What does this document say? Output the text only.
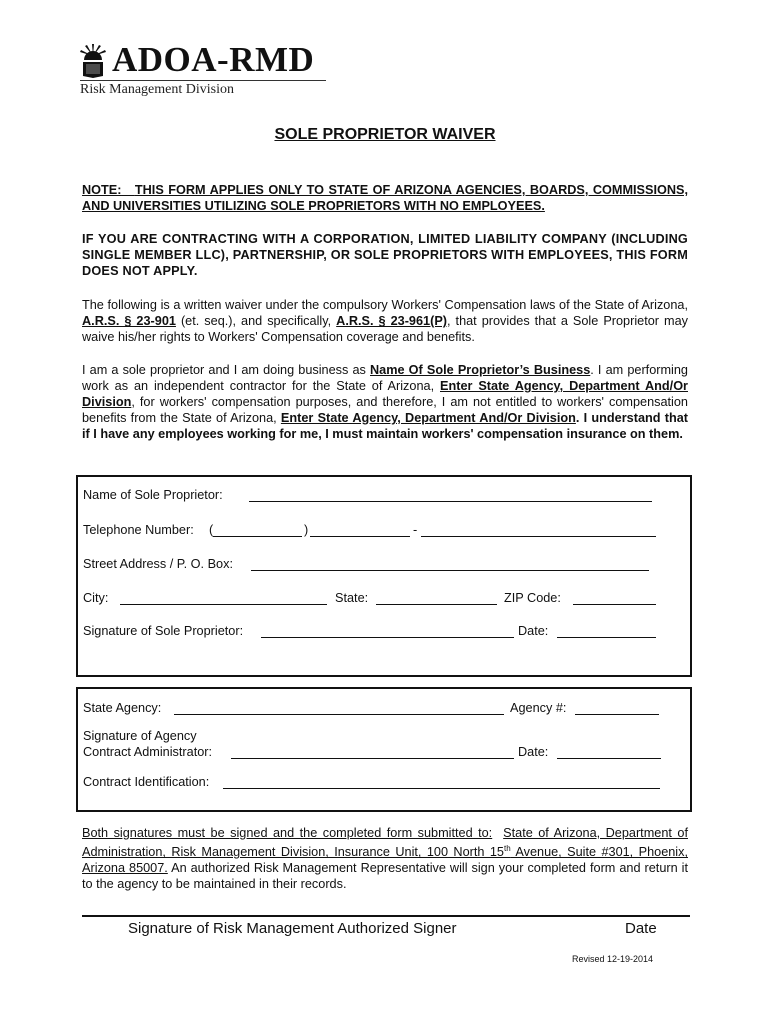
ADOA-RMD
Risk Management Division
SOLE PROPRIETOR WAIVER
NOTE: THIS FORM APPLIES ONLY TO STATE OF ARIZONA AGENCIES, BOARDS, COMMISSIONS, AND UNIVERSITIES UTILIZING SOLE PROPRIETORS WITH NO EMPLOYEES.
IF YOU ARE CONTRACTING WITH A CORPORATION, LIMITED LIABILITY COMPANY (INCLUDING SINGLE MEMBER LLC), PARTNERSHIP, OR SOLE PROPRIETORS WITH EMPLOYEES, THIS FORM DOES NOT APPLY.
The following is a written waiver under the compulsory Workers' Compensation laws of the State of Arizona, A.R.S. § 23-901 (et. seq.), and specifically, A.R.S. § 23-961(P), that provides that a Sole Proprietor may waive his/her rights to Workers' Compensation coverage and benefits.
I am a sole proprietor and I am doing business as Name Of Sole Proprietor’s Business. I am performing work as an independent contractor for the State of Arizona, Enter State Agency, Department And/Or Division, for workers' compensation purposes, and therefore, I am not entitled to workers' compensation benefits from the State of Arizona, Enter State Agency, Department And/Or Division. I understand that if I have any employees working for me, I must maintain workers' compensation insurance on them.
Name of Sole Proprietor:
Telephone Number: (	)	-
Street Address / P. O. Box:
City:	State:	ZIP Code:
Signature of Sole Proprietor:	Date:
State Agency:	Agency #:
Signature of Agency
Contract Administrator:	Date:
Contract Identification:
Both signatures must be signed and the completed form submitted to: State of Arizona, Department of Administration, Risk Management Division, Insurance Unit, 100 North 15th Avenue, Suite #301, Phoenix, Arizona 85007. An authorized Risk Management Representative will sign your completed form and return it to the agency to be maintained in their records.
Signature of Risk Management Authorized Signer	Date
Revised 12-19-2014
